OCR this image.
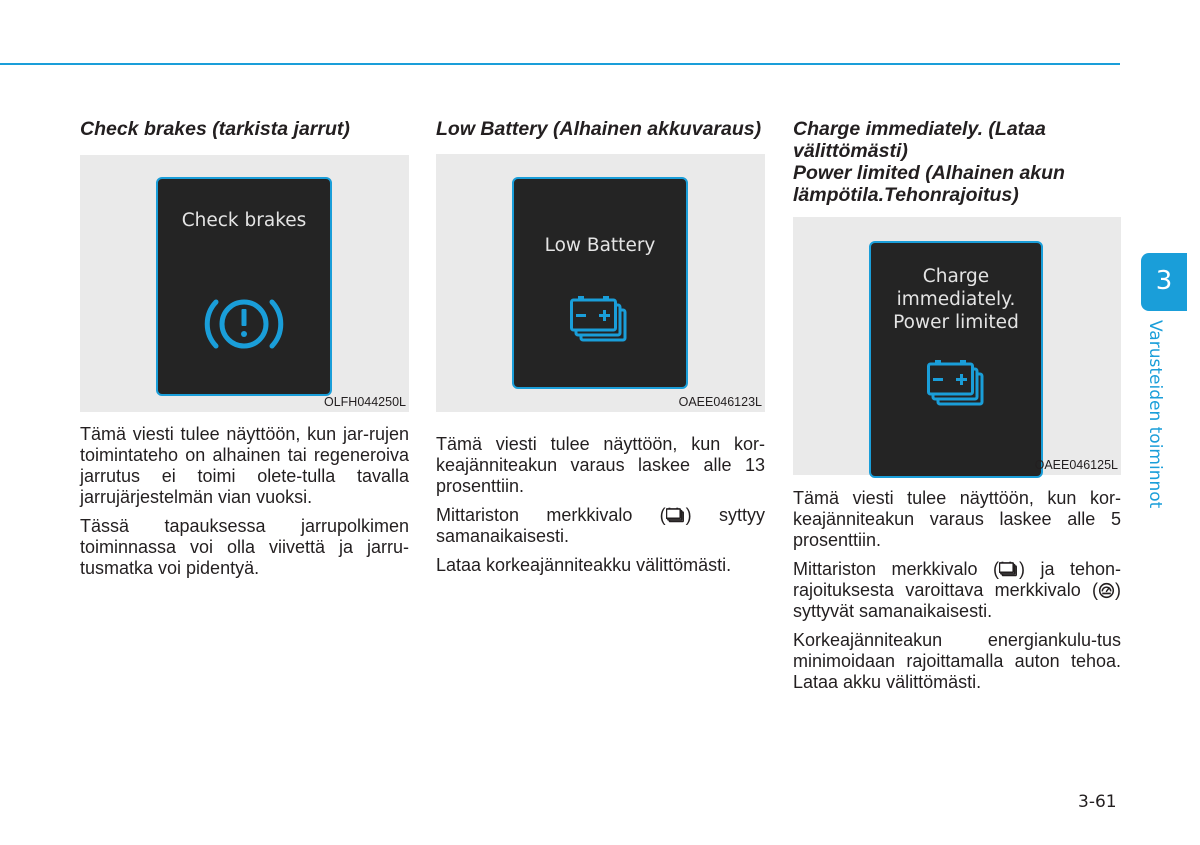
Check brakes (tarkista jarrut)
Check brakes
OLFH044250L

Tämä viesti tulee näyttöön, kun jar-rujen toimintateho on alhainen tai regeneroiva jarrutus ei toimi olete-tulla tavalla jarrujärjestelmän vian vuoksi.

Tässä tapauksessa jarrupolkimen toiminnassa voi olla viivettä ja jarru-tusmatka voi pidentyä.

Low Battery (Alhainen akkuvaraus)
Low Battery
OAEE046123L

Tämä viesti tulee näyttöön, kun kor-keajänniteakun varaus laskee alle 13 prosenttiin.

Mittariston merkkivalo ( ) syttyy samanaikaisesti.

Lataa korkeajänniteakku välittömästi.

Charge immediately. (Lataa välittömästi)
Power limited (Alhainen akun lämpötila.Tehonrajoitus)
Charge
immediately.
Power limited
OAEE046125L

Tämä viesti tulee näyttöön, kun kor-keajänniteakun varaus laskee alle 5 prosenttiin.

Mittariston merkkivalo ( ) ja tehon-rajoituksesta varoittava merkkivalo ( ) syttyvät samanaikaisesti.

Korkeajänniteakun energiankulu-tus minimoidaan rajoittamalla auton tehoa. Lataa akku välittömästi.

3
Varusteiden toiminnot
3-61
